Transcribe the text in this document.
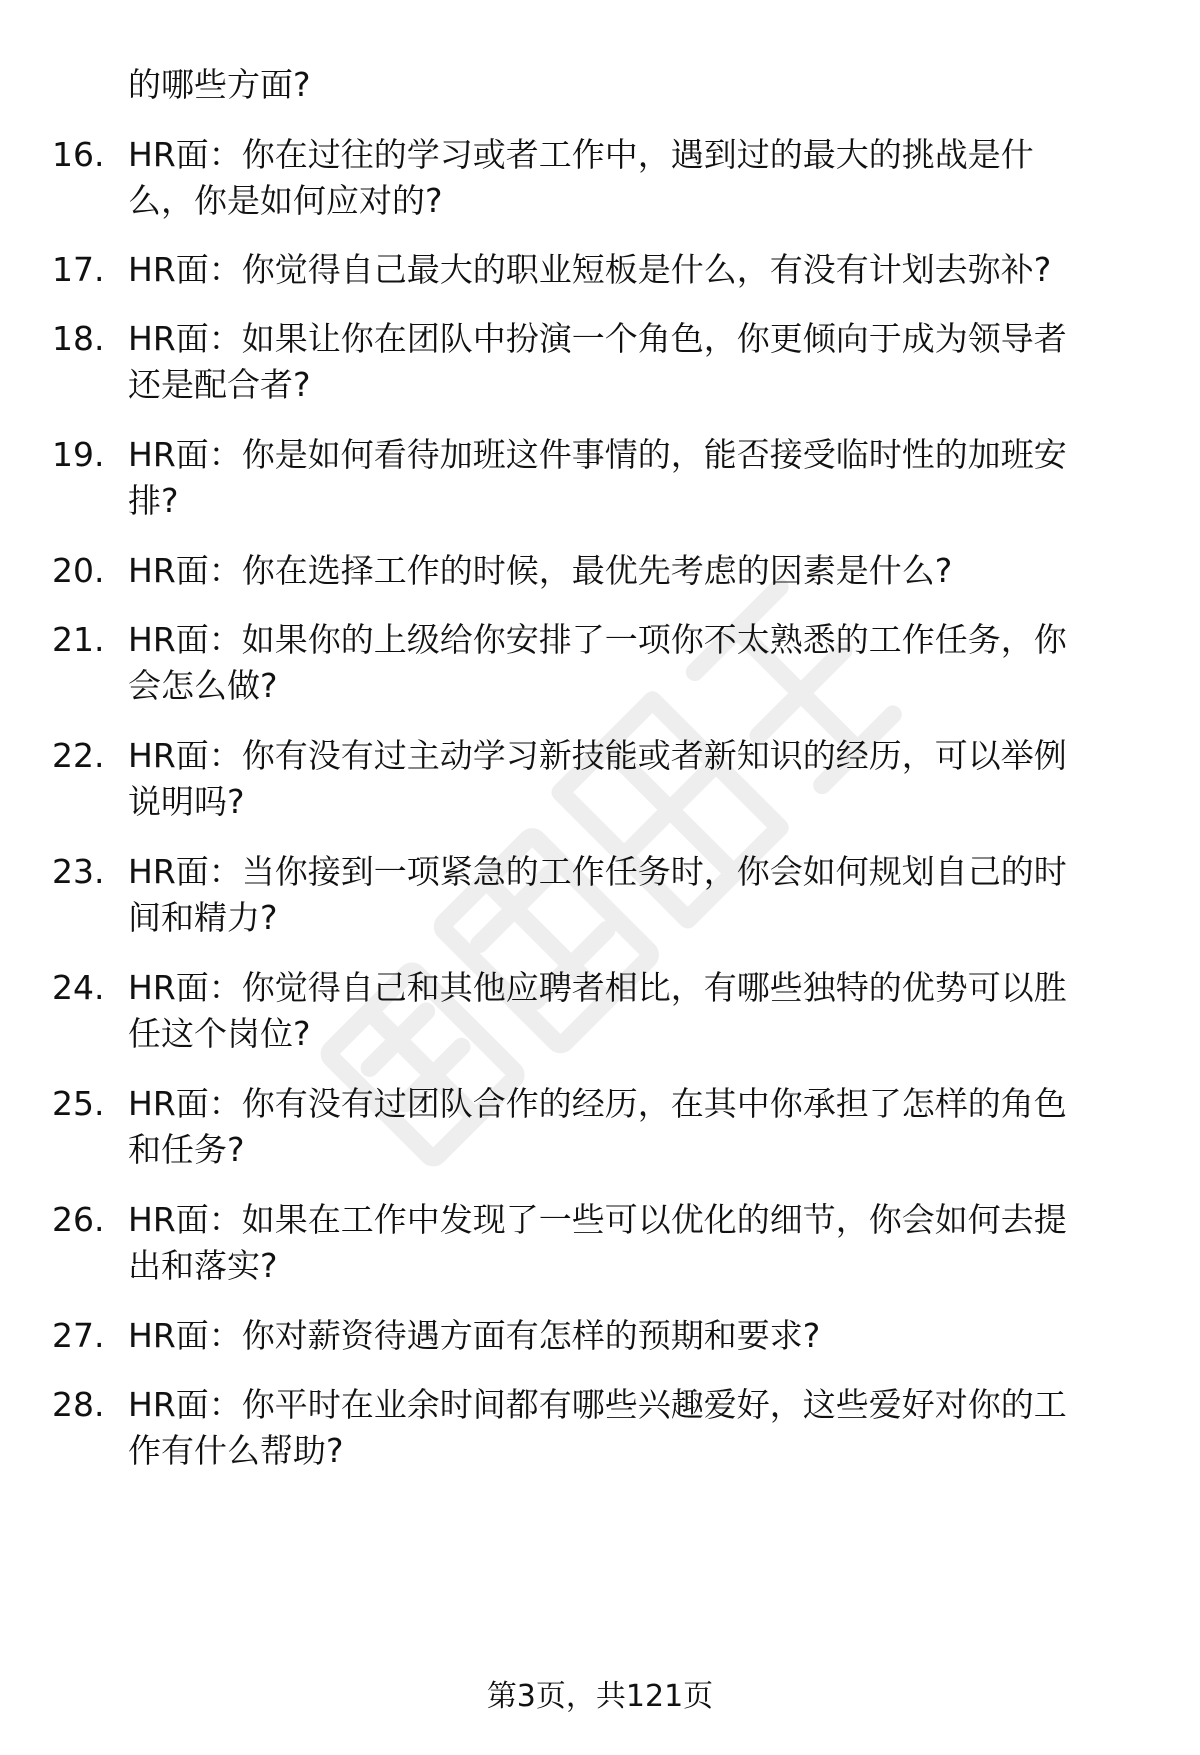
的哪些方面?
16. HR面：你在过往的学习或者工作中，遇到过的最大的挑战是什
么，你是如何应对的?
17. HR面：你觉得自己最大的职业短板是什么，有没有计划去弥补?
18. HR面：如果让你在团队中扮演一个角色，你更倾向于成为领导者
还是配合者?
19. HR面：你是如何看待加班这件事情的，能否接受临时性的加班安
排?
20. HR面：你在选择工作的时候，最优先考虑的因素是什么?
21. HR面：如果你的上级给你安排了一项你不太熟悉的工作任务，你
会怎么做?
22. HR面：你有没有过主动学习新技能或者新知识的经历，可以举例
说明吗?
23. HR面：当你接到一项紧急的工作任务时，你会如何规划自己的时
间和精力?
24. HR面：你觉得自己和其他应聘者相比，有哪些独特的优势可以胜
任这个岗位?
25. HR面：你有没有过团队合作的经历，在其中你承担了怎样的角色
和任务?
26. HR面：如果在工作中发现了一些可以优化的细节，你会如何去提
出和落实?
27. HR面：你对薪资待遇方面有怎样的预期和要求?
28. HR面：你平时在业余时间都有哪些兴趣爱好，这些爱好对你的工
作有什么帮助?
第3页，共121页
